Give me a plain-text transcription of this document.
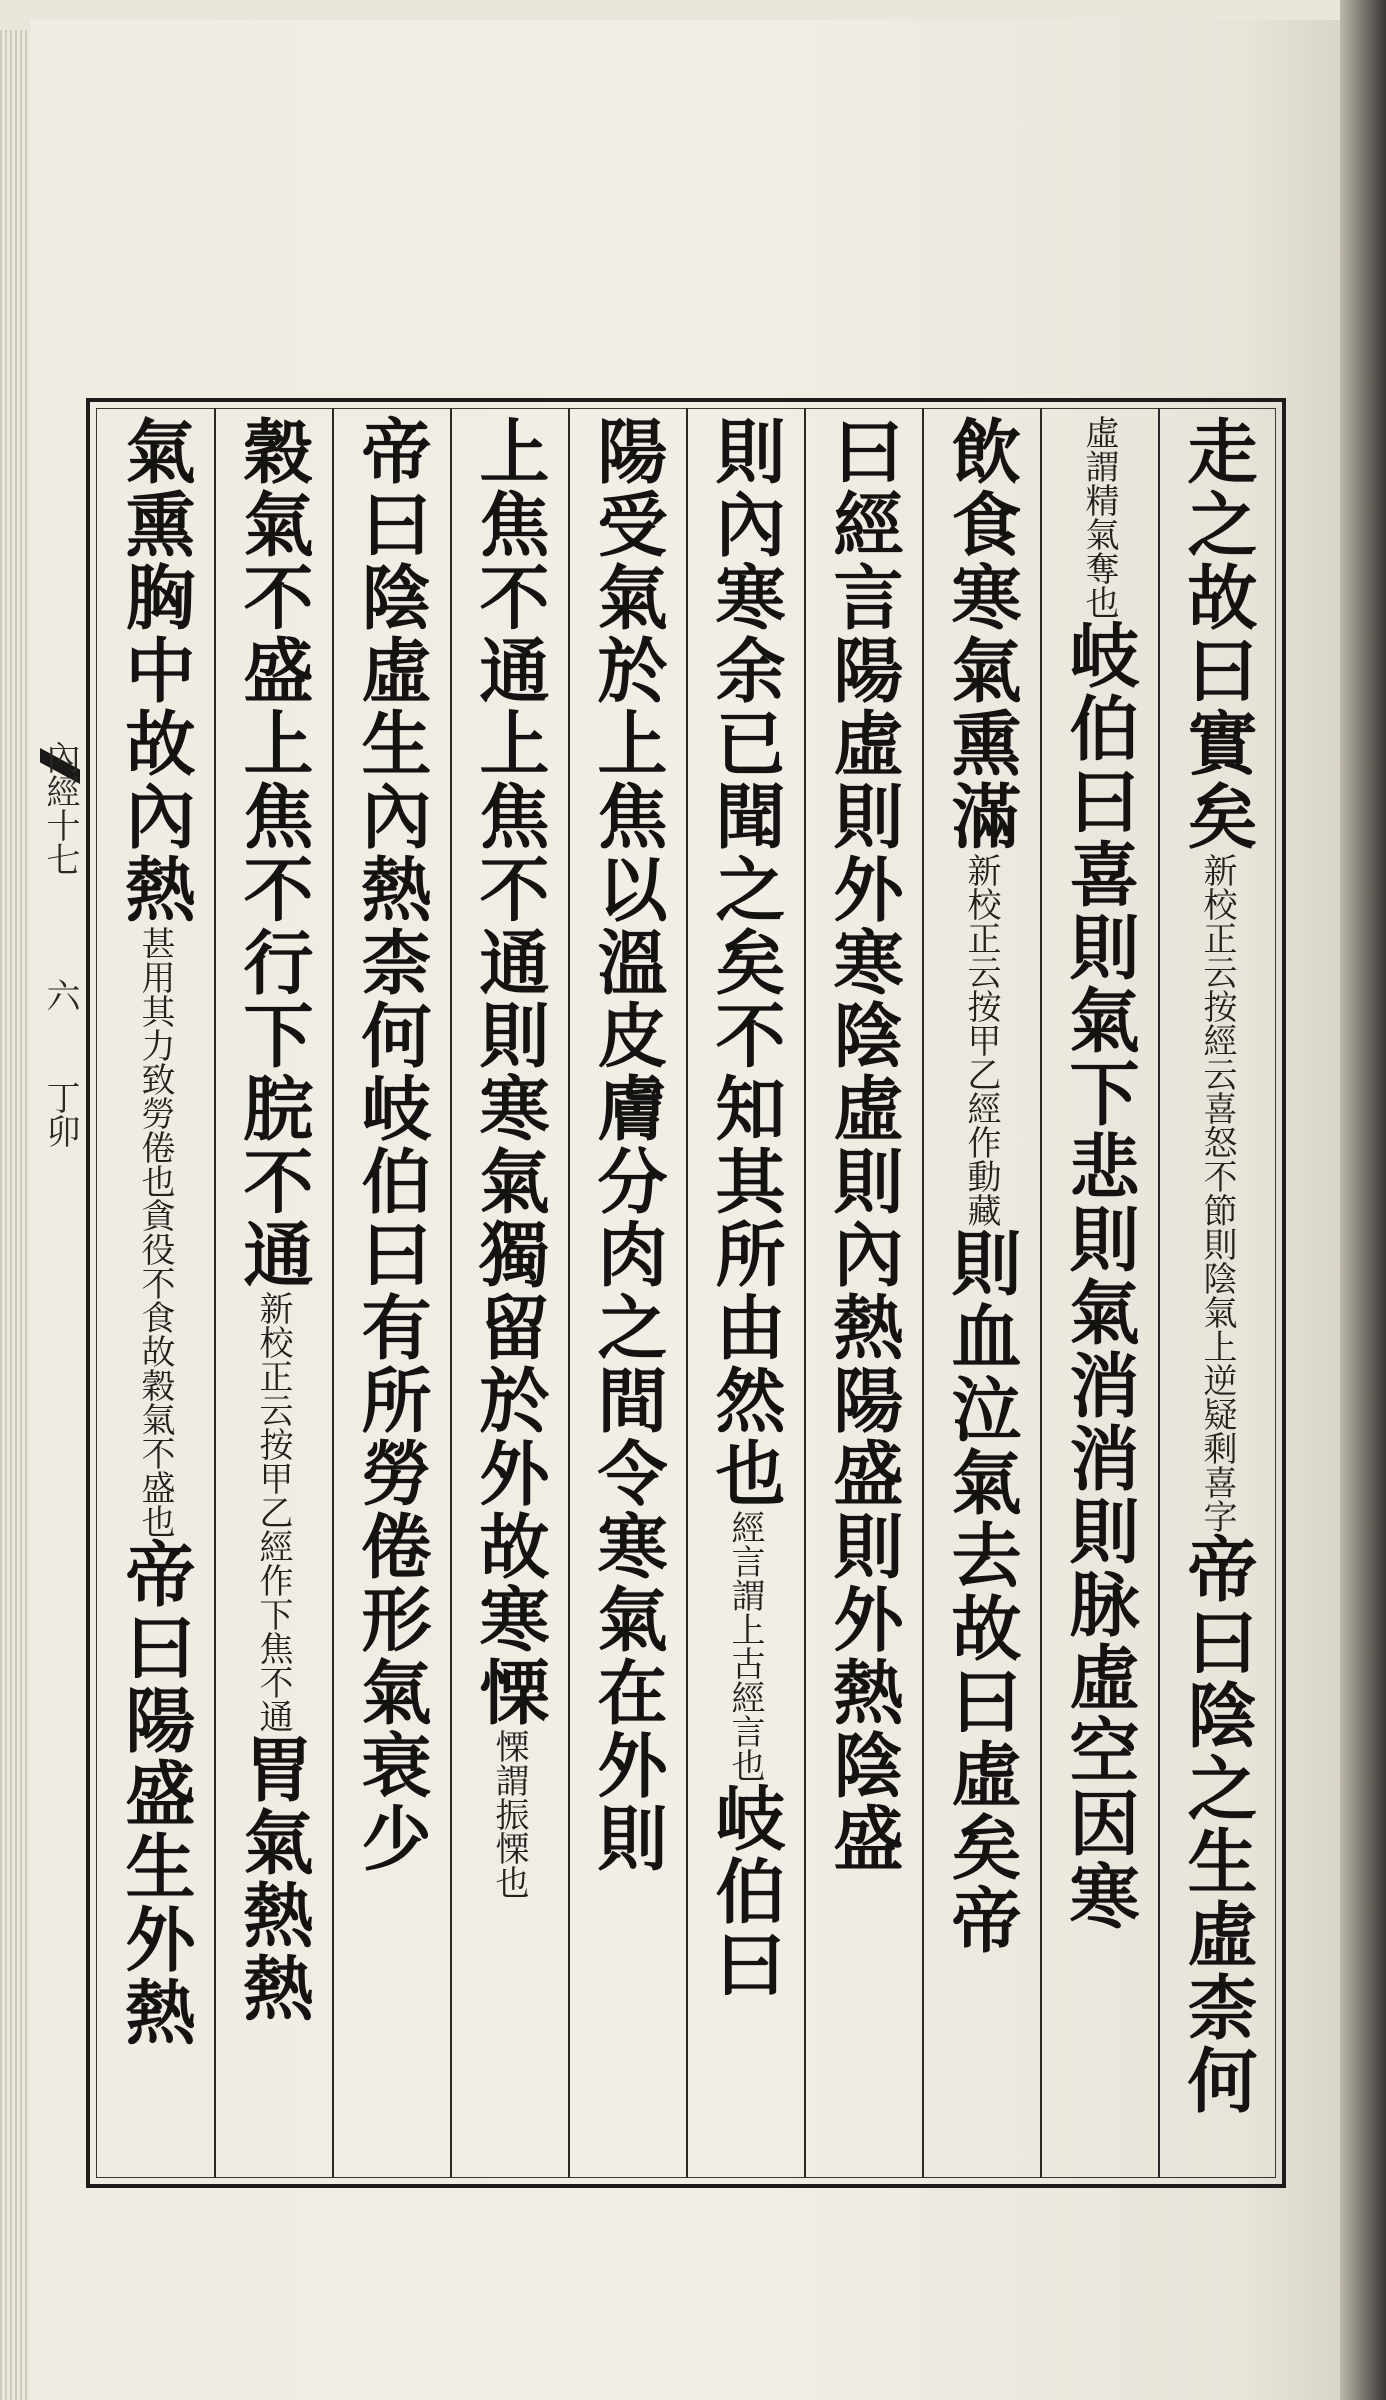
內經十七　　　六　　丁卯
走之故曰實矣新校正云按經云喜怒不節則陰氣上逆疑剩喜字帝曰陰之生虛柰何
虛謂精氣奪也岐伯曰喜則氣下悲則氣消消則脉虛空因寒
飲食寒氣熏滿新校正云按甲乙經作動藏則血泣氣去故曰虛矣帝
曰經言陽虛則外寒陰虛則內熱陽盛則外熱陰盛
則內寒余已聞之矣不知其所由然也經言謂上古經言也岐伯曰
陽受氣於上焦以溫皮膚分肉之間令寒氣在外則
上焦不通上焦不通則寒氣獨留於外故寒慄慄謂振慄也
帝曰陰虛生內熱柰何岐伯曰有所勞倦形氣衰少
穀氣不盛上焦不行下脘不通新校正云按甲乙經作下焦不通胃氣熱熱
氣熏胸中故內熱甚用其力致勞倦也貪役不食故穀氣不盛也帝曰陽盛生外熱
